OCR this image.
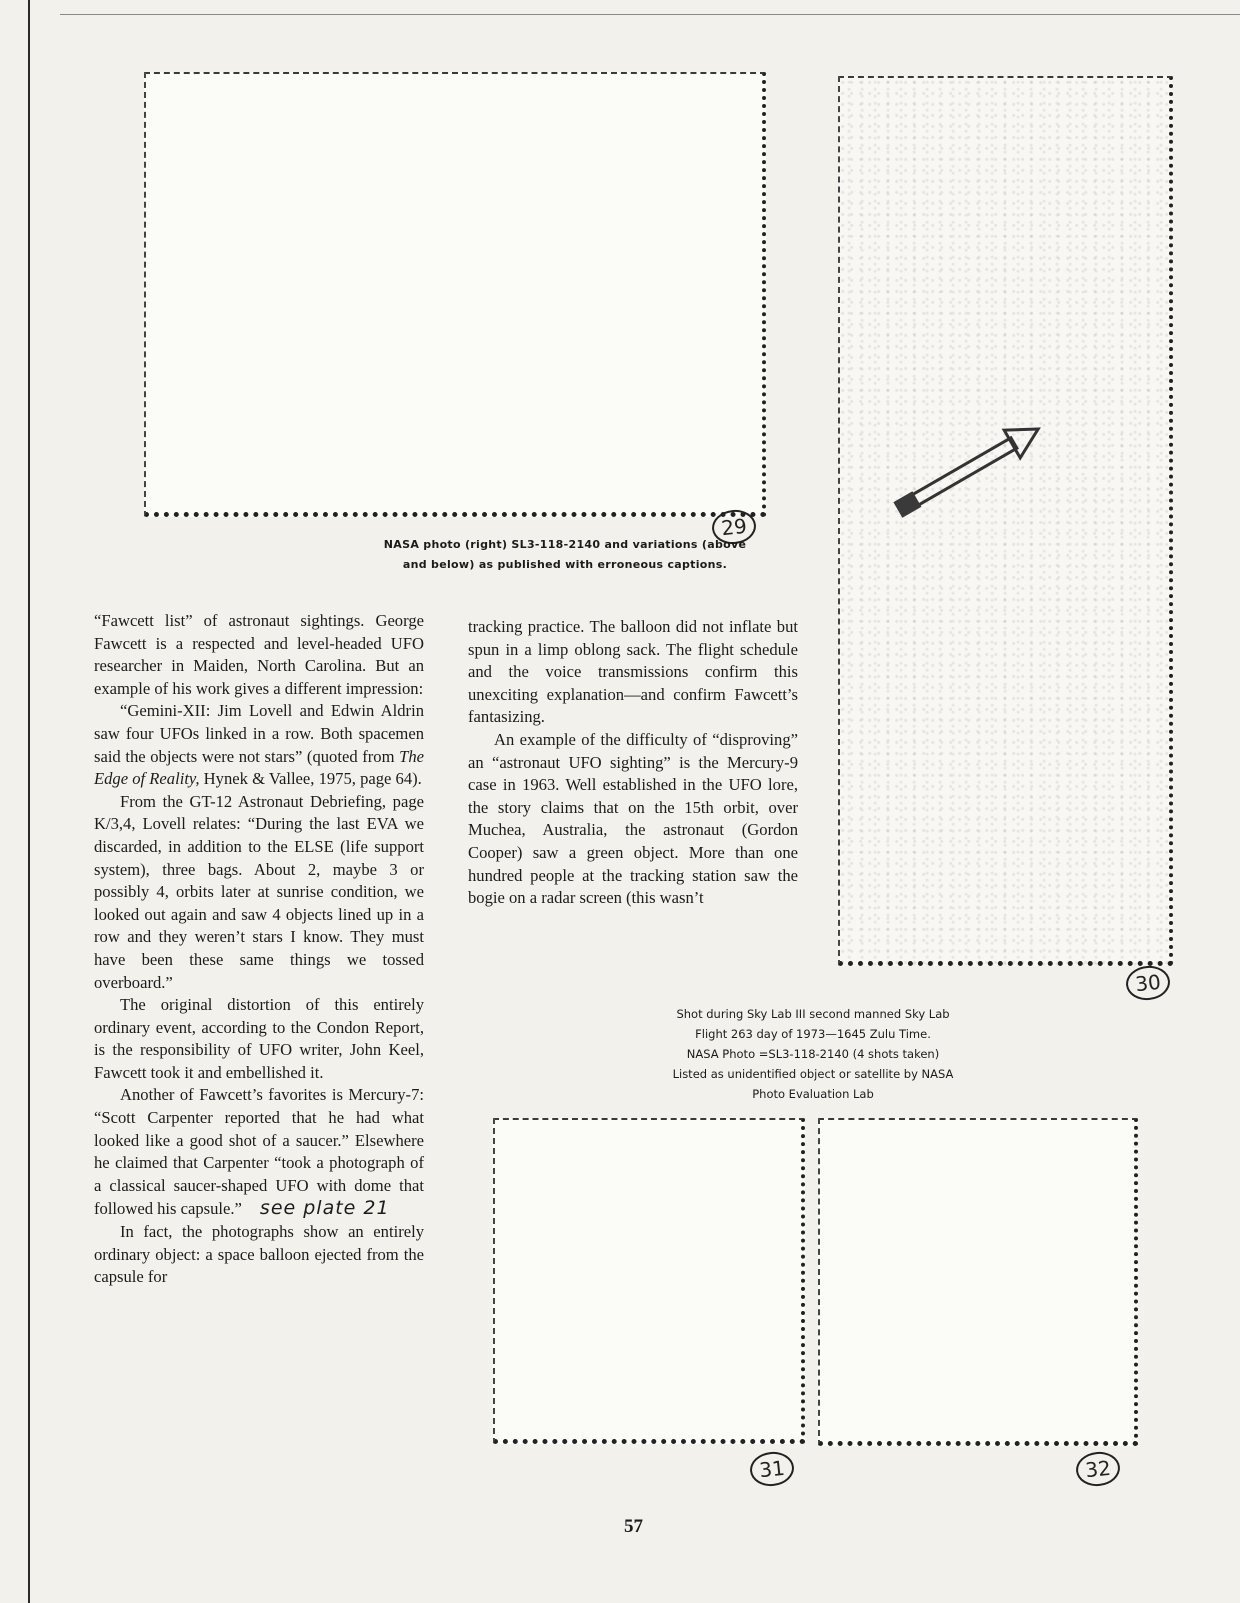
29
NASA photo (right) SL3-118-2140 and variations (above
and below) as published with erroneous captions.
30
Shot during Sky Lab III second manned Sky Lab
Flight 263 day of 1973—1645 Zulu Time.
NASA Photo =SL3-118-2140 (4 shots taken)
Listed as unidentified object or satellite by NASA
Photo Evaluation Lab
31	32

“Fawcett list” of astronaut sightings. George Fawcett is a respected and level-headed UFO researcher in Maiden, North Carolina. But an example of his work gives a different impression:

“Gemini-XII: Jim Lovell and Edwin Aldrin saw four UFOs linked in a row. Both spacemen said the objects were not stars” (quoted from The Edge of Reality, Hynek & Vallee, 1975, page 64).

From the GT-12 Astronaut Debriefing, page K/3,4, Lovell relates: “During the last EVA we discarded, in addition to the ELSE (life support system), three bags. About 2, maybe 3 or possibly 4, orbits later at sunrise condition, we looked out again and saw 4 objects lined up in a row and they weren’t stars I know. They must have been these same things we tossed overboard.”

The original distortion of this entirely ordinary event, according to the Condon Report, is the responsibility of UFO writer, John Keel, Fawcett took it and embellished it.

Another of Fawcett’s favorites is Mercury-7: “Scott Carpenter reported that he had what looked like a good shot of a saucer.” Elsewhere he claimed that Carpenter “took a photograph of a classical saucer-shaped UFO with dome that followed his capsule.” see plate 21

In fact, the photographs show an entirely ordinary object: a space balloon ejected from the capsule for

tracking practice. The balloon did not inflate but spun in a limp oblong sack. The flight schedule and the voice transmissions confirm this unexciting explanation—and confirm Fawcett’s fantasizing.

An example of the difficulty of “disproving” an “astronaut UFO sighting” is the Mercury-9 case in 1963. Well established in the UFO lore, the story claims that on the 15th orbit, over Muchea, Australia, the astronaut (Gordon Cooper) saw a green object. More than one hundred people at the tracking station saw the bogie on a radar screen (this wasn’t

57
